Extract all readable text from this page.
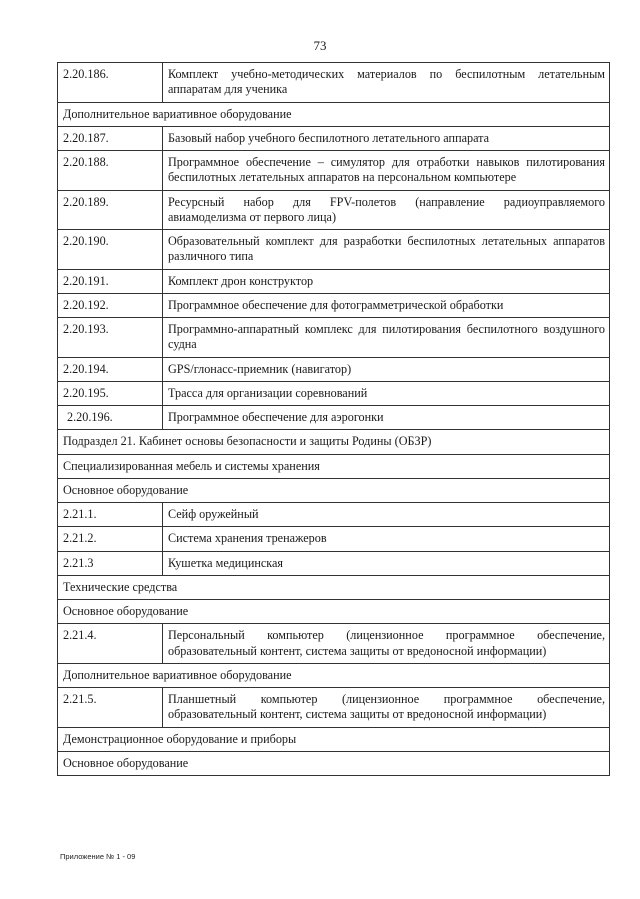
73
2.20.186.	Комплект учебно-методических материалов по беспилотным летательным аппаратам для ученика
Дополнительное вариативное оборудование	
2.20.187.	Базовый набор учебного беспилотного летательного аппарата
2.20.188.	Программное обеспечение – симулятор для отработки навыков пилотирования беспилотных летательных аппаратов на персональном компьютере
2.20.189.	Ресурсный набор для FPV-полетов (направление радиоуправляемого авиамоделизма от первого лица)
2.20.190.	Образовательный комплект для разработки беспилотных летательных аппаратов различного типа
2.20.191.	Комплект дрон конструктор
2.20.192.	Программное обеспечение для фотограмметрической обработки
2.20.193.	Программно-аппаратный комплекс для пилотирования беспилотного воздушного судна
2.20.194.	GPS/глонасс-приемник (навигатор)
2.20.195.	Трасса для организации соревнований
2.20.196.	Программное обеспечение для аэрогонки
Подраздел 21. Кабинет основы безопасности и защиты Родины (ОБЗР)	
Специализированная мебель и системы хранения	
Основное оборудование	
2.21.1.	Сейф оружейный
2.21.2.	Система хранения тренажеров
2.21.3	Кушетка медицинская
Технические средства	
Основное оборудование	
2.21.4.	Персональный компьютер (лицензионное программное обеспечение, образовательный контент, система защиты от вредоносной информации)
Дополнительное вариативное оборудование	
2.21.5.	Планшетный компьютер (лицензионное программное обеспечение, образовательный контент, система защиты от вредоносной информации)
Демонстрационное оборудование и приборы	
Основное оборудование	
Приложение № 1 - 09
